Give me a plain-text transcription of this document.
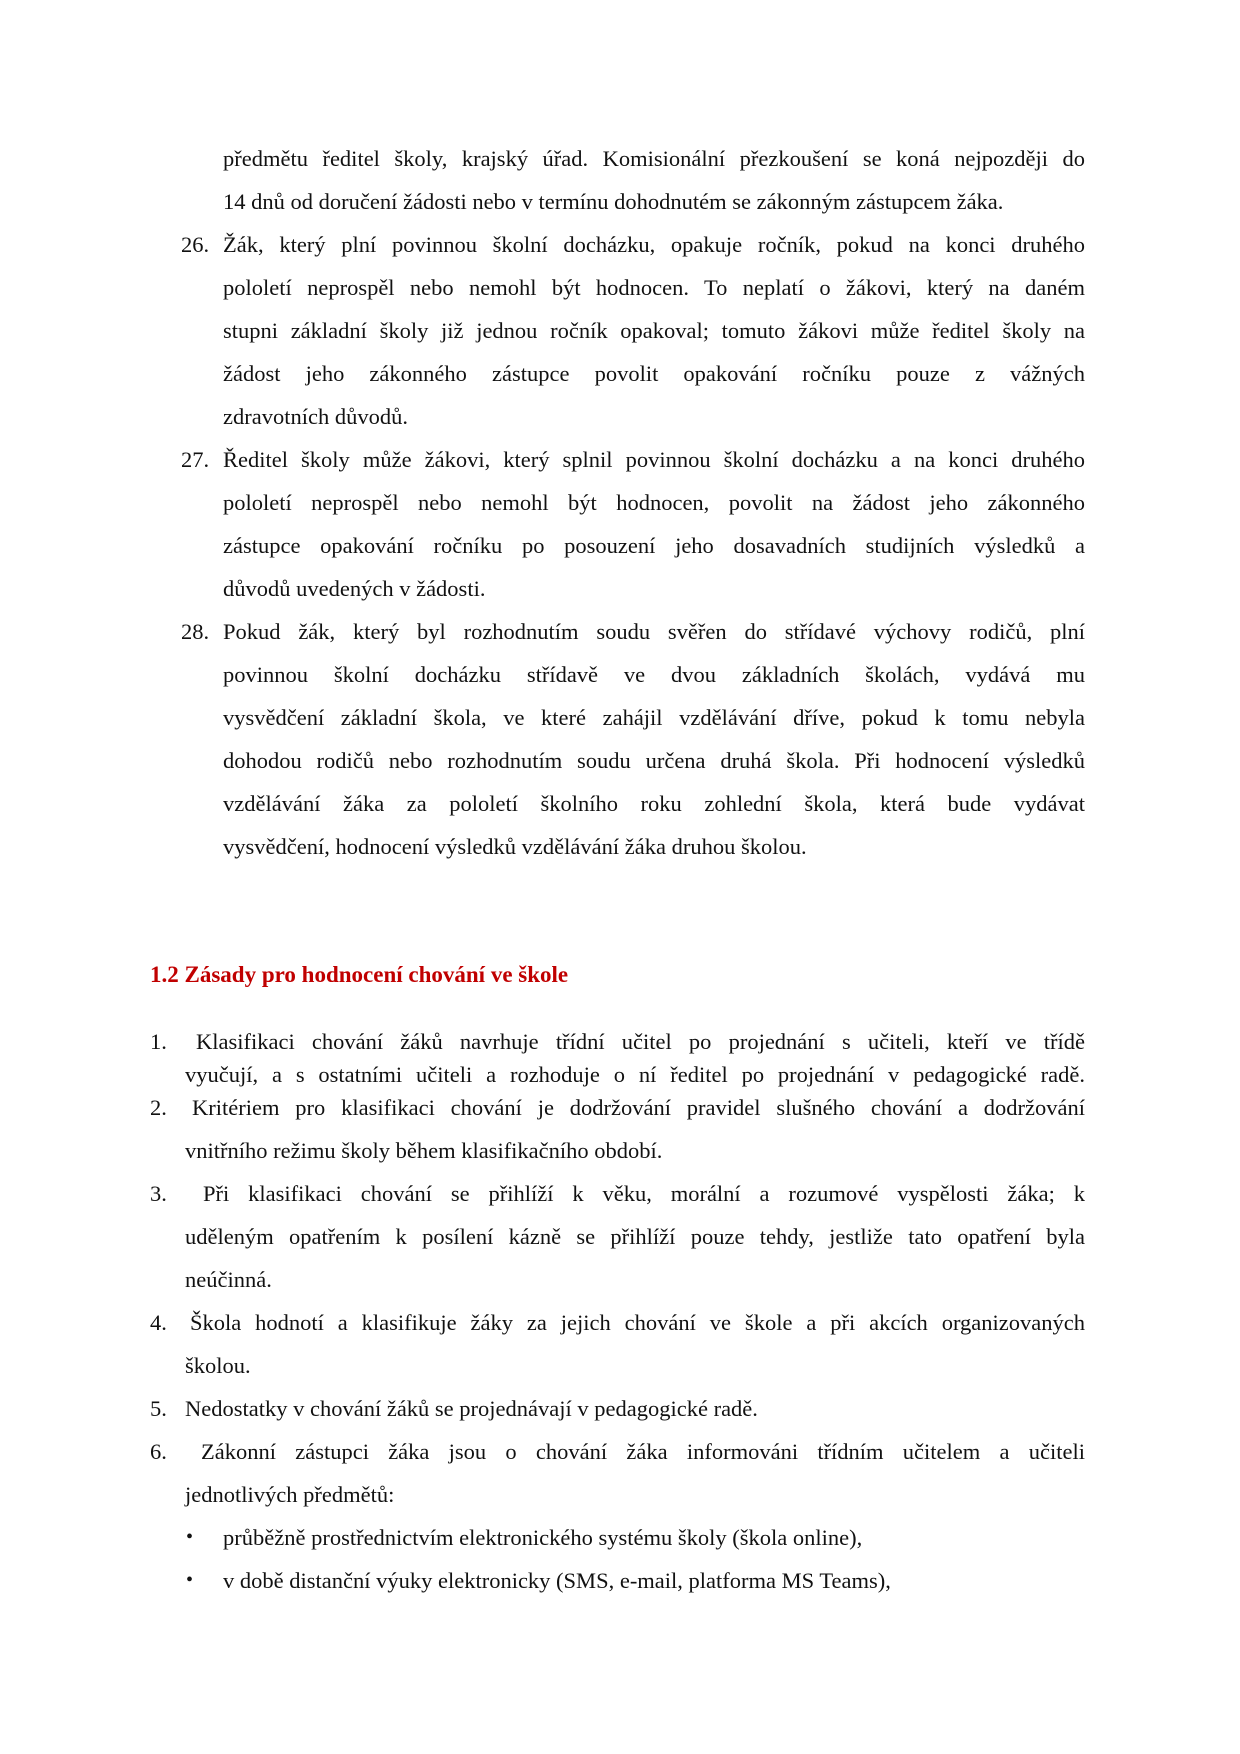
předmětu ředitel školy, krajský úřad. Komisionální přezkoušení se koná nejpozději do
14 dnů od doručení žádosti nebo v termínu dohodnutém se zákonným zástupcem žáka.
26. Žák, který plní povinnou školní docházku, opakuje ročník, pokud na konci druhého
pololetí neprospěl nebo nemohl být hodnocen. To neplatí o žákovi, který na daném
stupni základní školy již jednou ročník opakoval; tomuto žákovi může ředitel školy na
žádost jeho zákonného zástupce povolit opakování ročníku pouze z vážných
zdravotních důvodů.
27. Ředitel školy může žákovi, který splnil povinnou školní docházku a na konci druhého
pololetí neprospěl nebo nemohl být hodnocen, povolit na žádost jeho zákonného
zástupce opakování ročníku po posouzení jeho dosavadních studijních výsledků a
důvodů uvedených v žádosti.
28. Pokud žák, který byl rozhodnutím soudu svěřen do střídavé výchovy rodičů, plní
povinnou školní docházku střídavě ve dvou základních školách, vydává mu
vysvědčení základní škola, ve které zahájil vzdělávání dříve, pokud k tomu nebyla
dohodou rodičů nebo rozhodnutím soudu určena druhá škola. Při hodnocení výsledků
vzdělávání žáka za pololetí školního roku zohlední škola, která bude vydávat
vysvědčení, hodnocení výsledků vzdělávání žáka druhou školou.
1.2 Zásady pro hodnocení chování ve škole
1. Klasifikaci chování žáků navrhuje třídní učitel po projednání s učiteli, kteří ve třídě
vyučují, a s ostatními učiteli a rozhoduje o ní ředitel po projednání v pedagogické radě.
2. Kritériem pro klasifikaci chování je dodržování pravidel slušného chování a dodržování
vnitřního režimu školy během klasifikačního období.
3. Při klasifikaci chování se přihlíží k věku, morální a rozumové vyspělosti žáka; k
uděleným opatřením k posílení kázně se přihlíží pouze tehdy, jestliže tato opatření byla
neúčinná.
4. Škola hodnotí a klasifikuje žáky za jejich chování ve škole a při akcích organizovaných
školou.
5. Nedostatky v chování žáků se projednávají v pedagogické radě.
6. Zákonní zástupci žáka jsou o chování žáka informováni třídním učitelem a učiteli
jednotlivých předmětů:
• průběžně prostřednictvím elektronického systému školy (škola online),
• v době distanční výuky elektronicky (SMS, e-mail, platforma MS Teams),
